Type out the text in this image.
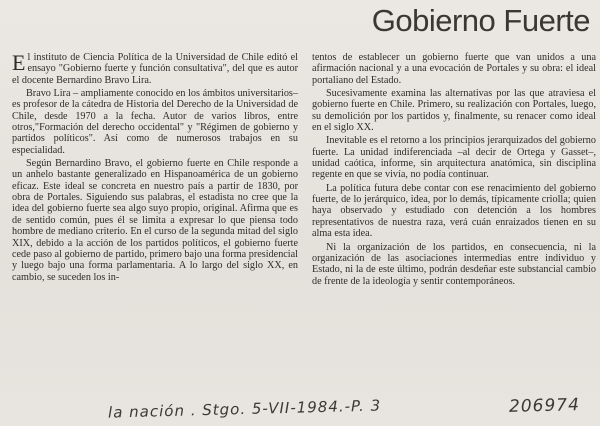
Gobierno Fuerte

El instituto de Ciencia Política de la Universidad de Chile editó el ensayo "Gobierno fuerte y función consultativa", del que es autor el docente Bernardino Bravo Lira.

Bravo Lira – ampliamente conocido en los ámbitos universitarios– es profesor de la cátedra de Historia del Derecho de la Universidad de Chile, desde 1970 a la fecha. Autor de varios libros, entre otros,"Formación del derecho occidental" y "Régimen de gobierno y partidos políticos". Así como de numerosos trabajos en su especialidad.

Según Bernardino Bravo, el gobierno fuerte en Chile responde a un anhelo bastante generalizado en Hispanoamérica de un gobierno eficaz. Este ideal se concreta en nuestro país a partir de 1830, por obra de Portales. Siguiendo sus palabras, el estadista no cree que la idea del gobierno fuerte sea algo suyo propio, original. Afirma que es de sentido común, pues él se limita a expresar lo que piensa todo hombre de mediano criterio. En el curso de la segunda mitad del siglo XIX, debido a la acción de los partidos políticos, el gobierno fuerte cede paso al gobierno de partido, primero bajo una forma presidencial y luego bajo una forma parlamentaria. A lo largo del siglo XX, en cambio, se suceden los in-

tentos de establecer un gobierno fuerte que van unidos a una afirmación nacional y a una evocación de Portales y su obra: el ideal portaliano del Estado.

Sucesivamente examina las alternativas por las que atraviesa el gobierno fuerte en Chile. Primero, su realización con Portales, luego, su demolición por los partidos y, finalmente, su renacer como ideal en el siglo XX.

Inevitable es el retorno a los principios jerarquizados del gobierno fuerte. La unidad indiferenciada –al decir de Ortega y Gasset–, unidad caótica, informe, sin arquitectura anatómica, sin disciplina regente en que se vivía, no podía continuar.

La política futura debe contar con ese renacimiento del gobierno fuerte, de lo jerárquico, idea, por lo demás, típicamente criolla; quien haya observado y estudiado con detención a los hombres representativos de nuestra raza, verá cuán enraizados tienen en su alma esta idea.

Ni la organización de los partidos, en consecuencia, ni la organización de las asociaciones intermedias entre individuo y Estado, ni la de este último, podrán desdeñar este substancial cambio de frente de la ideología y sentir contemporáneos.

la nación . Stgo. 5-VII-1984.-P. 3	206974
